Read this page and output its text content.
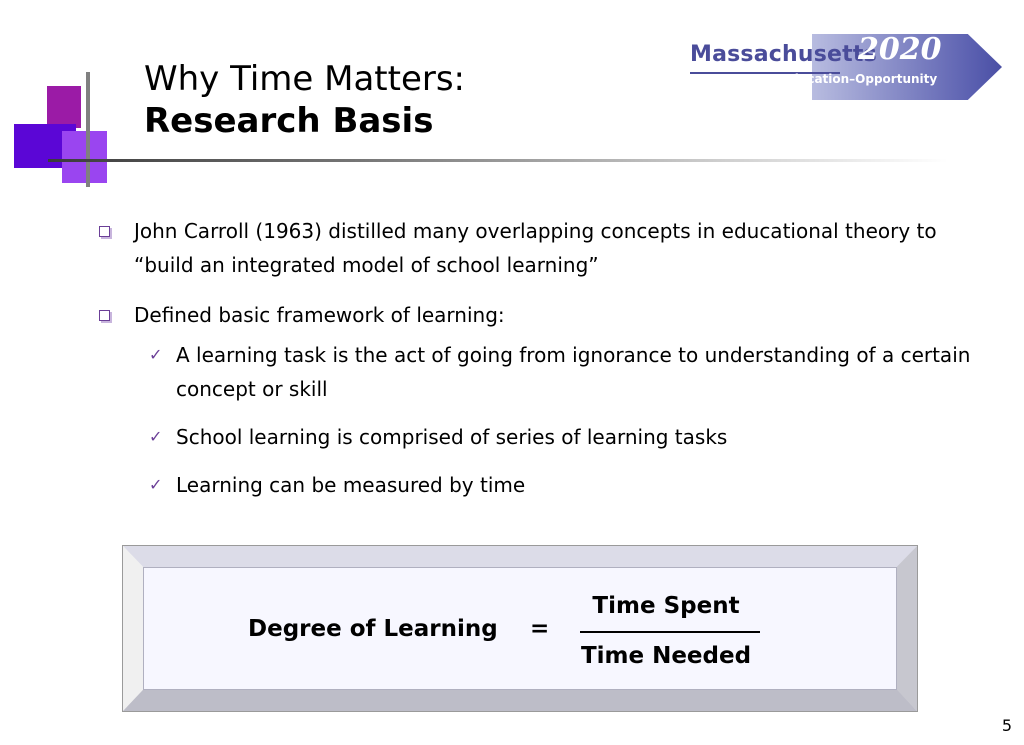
Why Time Matters:
Research Basis
Massachusetts
2020
Education–Opportunity
John Carroll (1963) distilled many overlapping concepts in educational theory to “build an integrated model of school learning”
Defined basic framework of learning:
✓ A learning task is the act of going from ignorance to understanding of a certain concept or skill
✓ School learning is comprised of series of learning tasks
✓ Learning can be measured by time
Degree of Learning =
Time Spent
Time Needed
5
